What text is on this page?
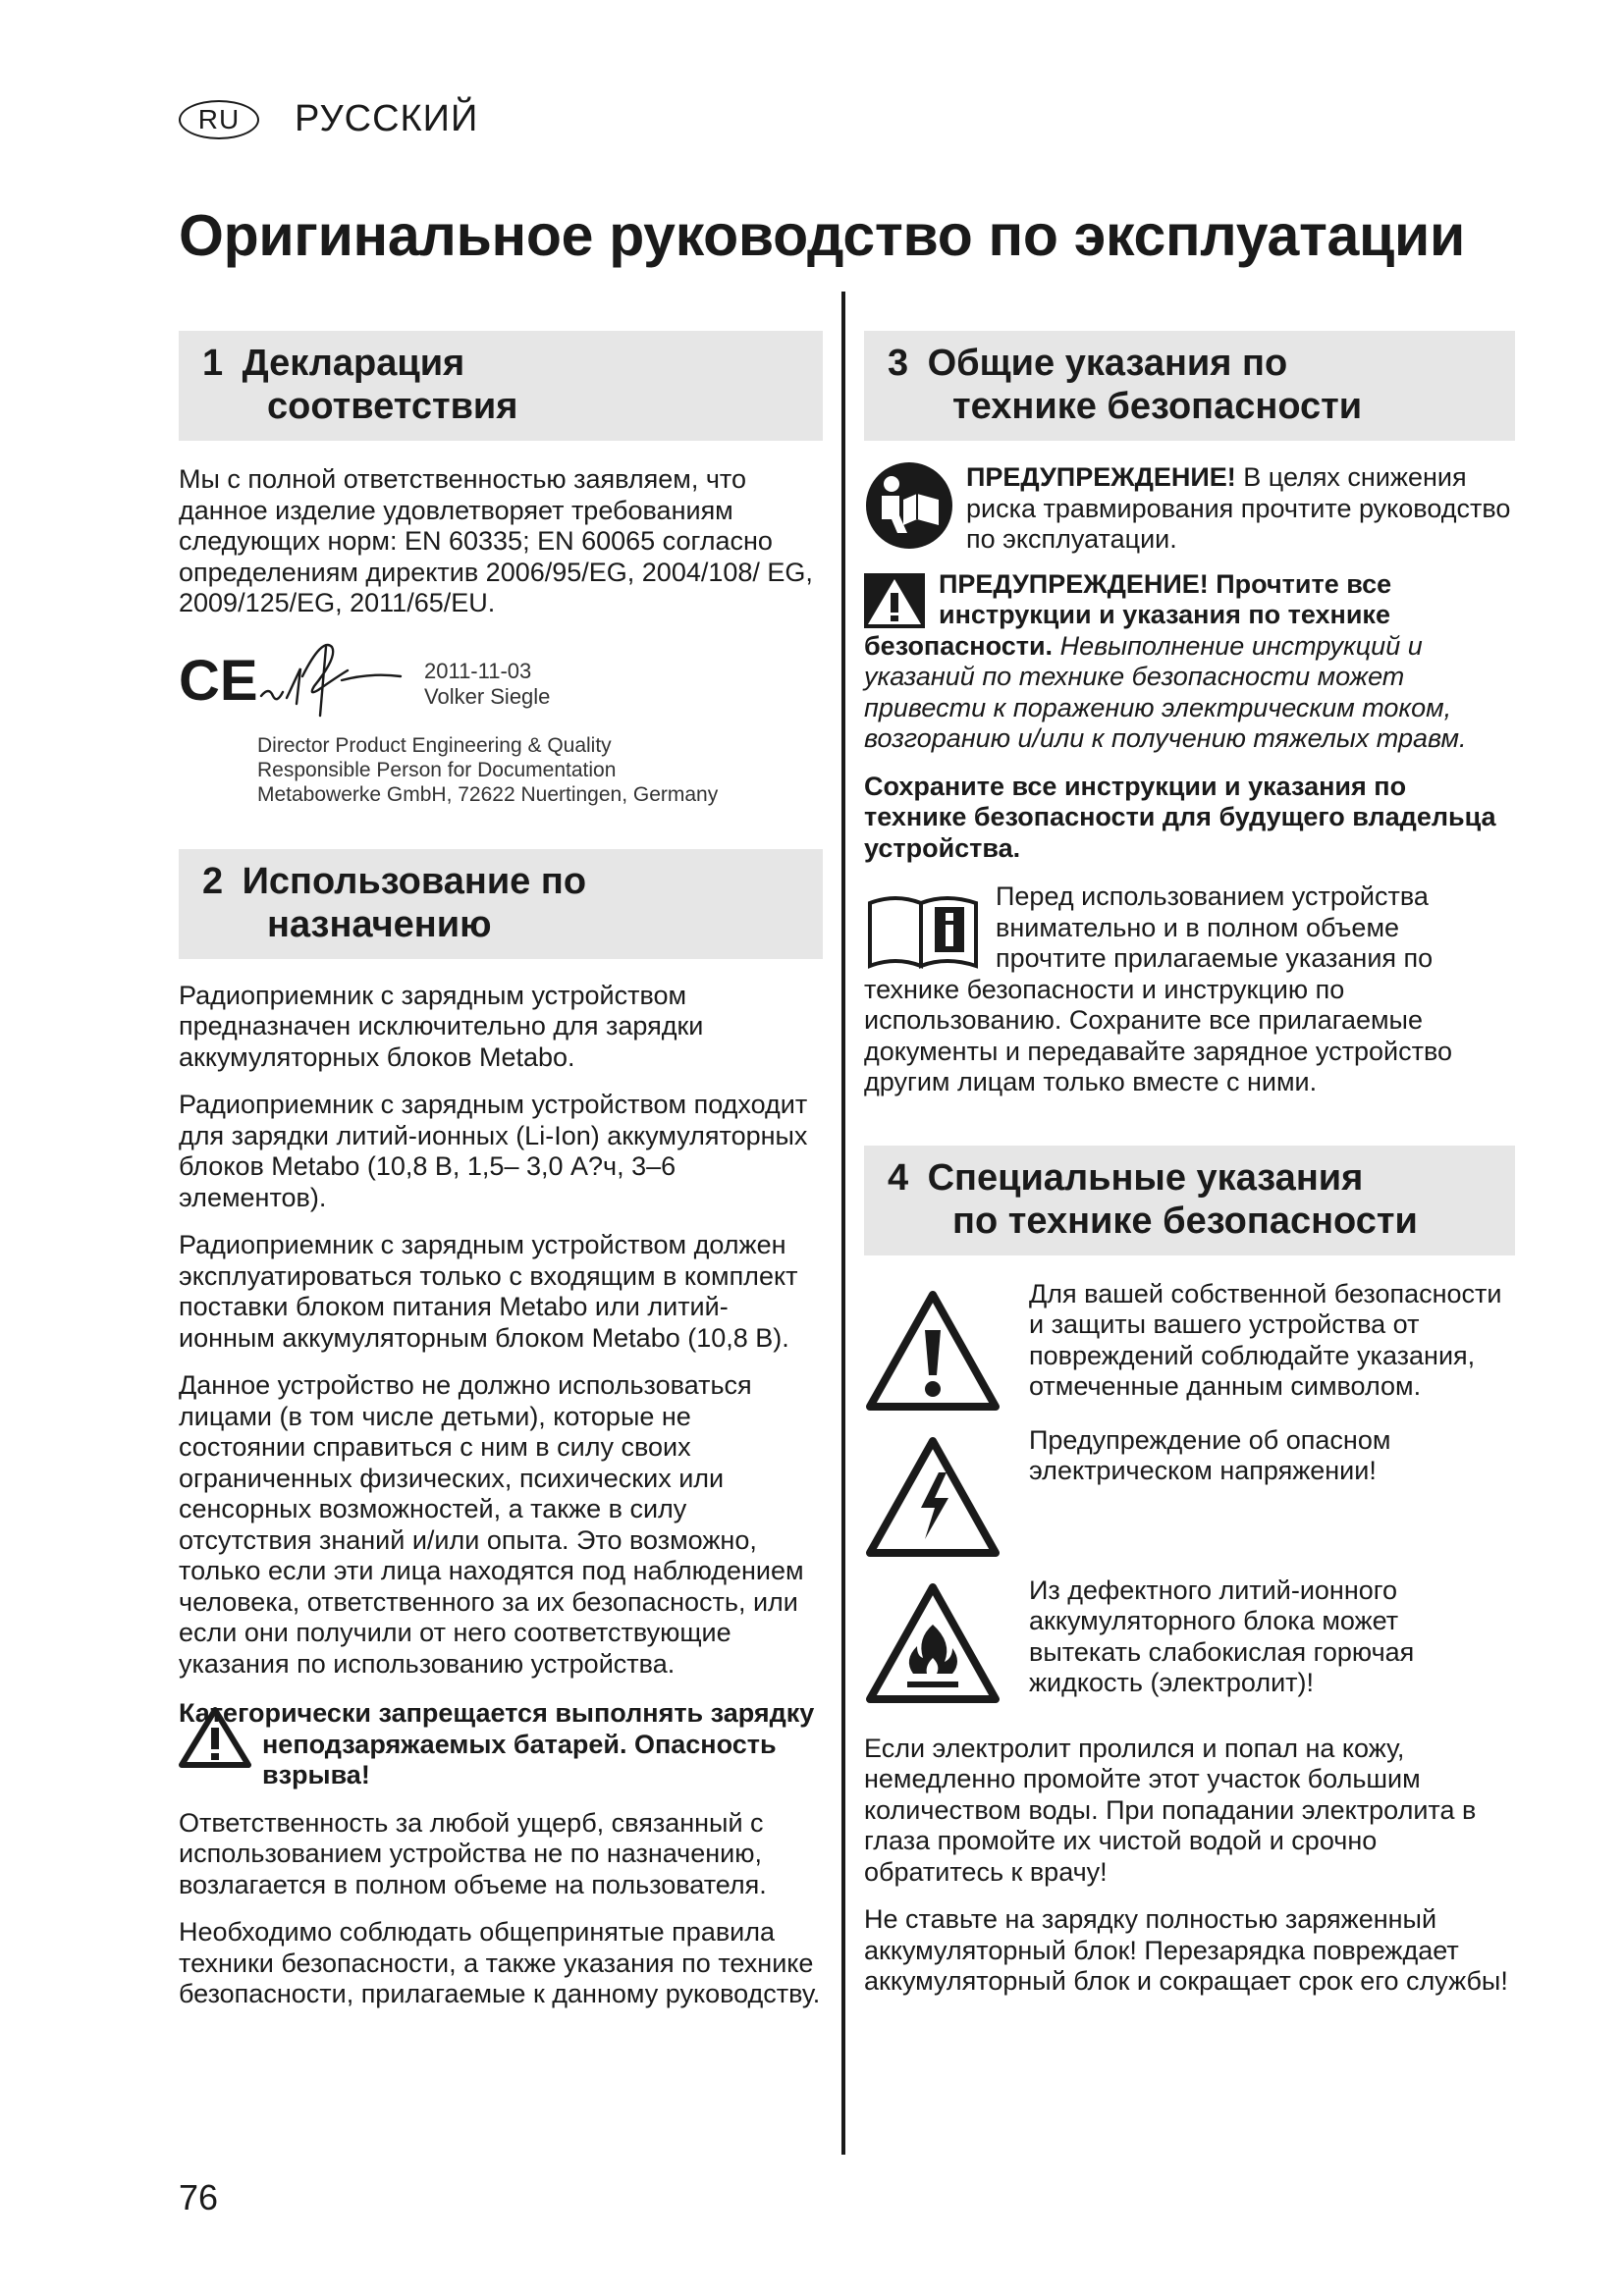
RU	РУССКИЙ
Оригинальное руководство по эксплуатации
1 Декларация
соответствия

Мы с полной ответственностью заявляем, что данное изделие удовлетворяет требованиям следующих норм: EN 60335; EN 60065 согласно определениям директив 2006/95/EG, 2004/108/ EG, 2009/125/EG, 2011/65/EU.

CE	2011-11-03
Volker Siegle
Director Product Engineering & Quality
Responsible Person for Documentation
Metabowerke GmbH, 72622 Nuertingen, Germany
2 Использование по
назначению

Радиоприемник с зарядным устройством предназначен исключительно для зарядки аккумуляторных блоков Metabo.

Радиоприемник с зарядным устройством подходит для зарядки литий-ионных (Li-Ion) аккумуляторных блоков Metabo (10,8 В, 1,5– 3,0 А?ч, 3–6 элементов).

Радиоприемник с зарядным устройством должен эксплуатироваться только с входящим в комплект поставки блоком питания Metabo или литий-ионным аккумуляторным блоком Metabo (10,8 В).

Данное устройство не должно использоваться лицами (в том числе детьми), которые не состоянии справиться с ним в силу своих ограниченных физических, психических или сенсорных возможностей, а также в силу отсутствия знаний и/или опыта. Это возможно, только если эти лица находятся под наблюдением человека, ответственного за их безопасность, или если они получили от него соответствующие указания по использованию устройства.

Категорически запрещается выполнять зарядку неподзаряжаемых батарей. Опасность взрыва!

Ответственность за любой ущерб, связанный с использованием устройства не по назначению, возлагается в полном объеме на пользователя.

Необходимо соблюдать общепринятые правила техники безопасности, а также указания по технике безопасности, прилагаемые к данному руководству.

3 Общие указания по
технике безопасности

ПРЕДУПРЕЖДЕНИЕ! В целях снижения риска травмирования прочтите руководство по эксплуатации.

ПРЕДУПРЕЖДЕНИЕ! Прочтите все инструкции и указания по технике безопасности. Невыполнение инструкций и указаний по технике безопасности может привести к поражению электрическим током, возгоранию и/или к получению тяжелых травм.

Сохраните все инструкции и указания по технике безопасности для будущего владельца устройства.

Перед использованием устройства внимательно и в полном объеме прочтите прилагаемые указания по технике безопасности и инструкцию по использованию. Сохраните все прилагаемые документы и передавайте зарядное устройство другим лицам только вместе с ними.

4 Специальные указания
по технике безопасности

Для вашей собственной безопасности и защиты вашего устройства от повреждений соблюдайте указания, отмеченные данным символом.

Предупреждение об опасном электрическом напряжении!

Из дефектного литий-ионного аккумуляторного блока может вытекать слабокислая горючая жидкость (электролит)!

Если электролит пролился и попал на кожу, немедленно промойте этот участок большим количеством воды. При попадании электролита в глаза промойте их чистой водой и срочно обратитесь к врачу!

Не ставьте на зарядку полностью заряженный аккумуляторный блок! Перезарядка повреждает аккумуляторный блок и сокращает срок его службы!

76
